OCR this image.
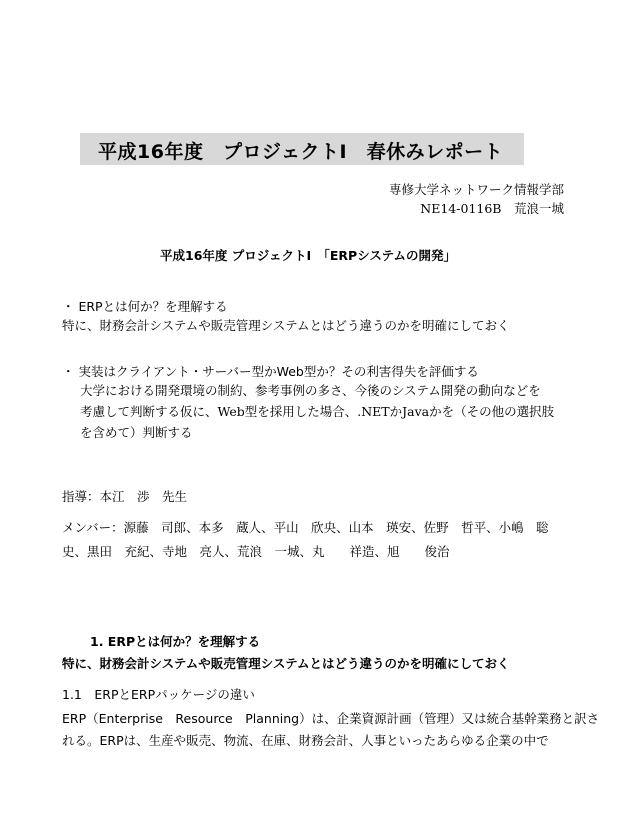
平成16年度　プロジェクトⅠ　春休みレポート
専修大学ネットワーク情報学部
NE14-0116B　荒浪一城
平成16年度 プロジェクトⅠ　「ERPシステムの開発」
・ ERPとは何か？を理解する
特に、財務会計システムや販売管理システムとはどう違うのかを明確にしておく
・ 実装はクライアント・サーバー型かWeb型か？その利害得失を評価する
大学における開発環境の制約、参考事例の多さ、今後のシステム開発の動向などを
考慮して判断する仮に、Web型を採用した場合、.NETかJavaかを（その他の選択肢
を含めて）判断する
指導：本江　渉　先生
メンバー：源藤　司郎、本多　蔵人、平山　欣央、山本　瑛安、佐野　哲平、小嶋　聡
史、黒田　充紀、寺地　亮人、荒浪　一城、丸　　祥造、旭　　俊治
1. ERPとは何か？を理解する
特に、財務会計システムや販売管理システムとはどう違うのかを明確にしておく
1.1　ERPとERPパッケージの違い
ERP（Enterprise　Resource　Planning）は、企業資源計画（管理）又は統合基幹業務と訳さ
れる。ERPは、生産や販売、物流、在庫、財務会計、人事といったあらゆる企業の中で
